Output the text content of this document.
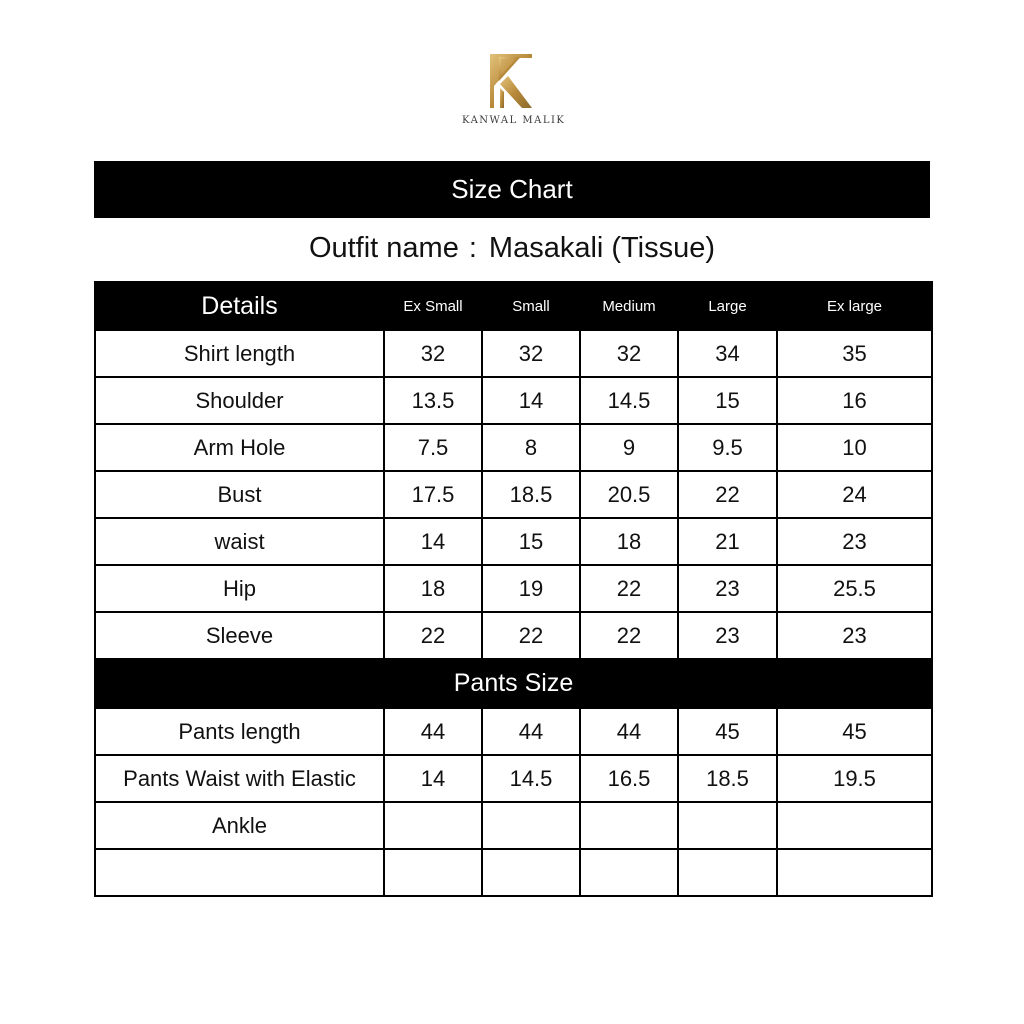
KANWAL MALIK
Size Chart
Outfit name : Masakali (Tissue)
Details	Ex Small	Small	Medium	Large	Ex large
Shirt length	32	32	32	34	35
Shoulder	13.5	14	14.5	15	16
Arm Hole	7.5	8	9	9.5	10
Bust	17.5	18.5	20.5	22	24
waist	14	15	18	21	23
Hip	18	19	22	23	25.5
Sleeve	22	22	22	23	23
Pants Size					
Pants length	44	44	44	45	45
Pants Waist with Elastic	14	14.5	16.5	18.5	19.5
Ankle					
